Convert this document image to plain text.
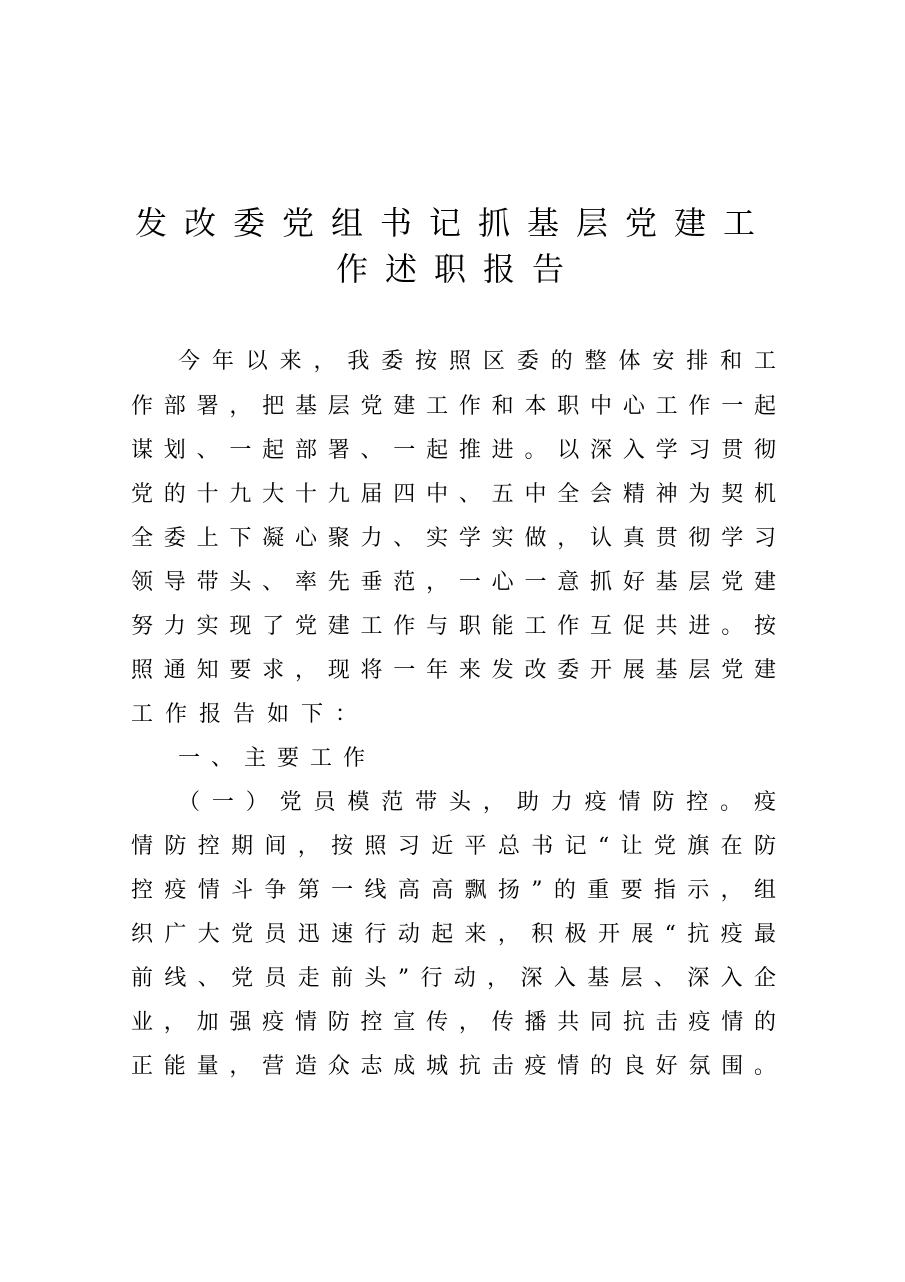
发改委党组书记抓基层党建工
作述职报告
今年以来，我委按照区委的整体安排和工
作部署，把基层党建工作和本职中心工作一起
谋划、一起部署、一起推进。以深入学习贯彻
党的十九大十九届四中、五中全会精神为契机
全委上下凝心聚力、实学实做，认真贯彻学习
领导带头、率先垂范，一心一意抓好基层党建
努力实现了党建工作与职能工作互促共进。按
照通知要求，现将一年来发改委开展基层党建
工作报告如下：
一、主要工作
（一）党员模范带头，助力疫情防控。疫
情防控期间，按照习近平总书记“让党旗在防
控疫情斗争第一线高高飘扬”的重要指示，组
织广大党员迅速行动起来，积极开展“抗疫最
前线、党员走前头”行动，深入基层、深入企
业，加强疫情防控宣传，传播共同抗击疫情的
正能量，营造众志成城抗击疫情的良好氛围。
